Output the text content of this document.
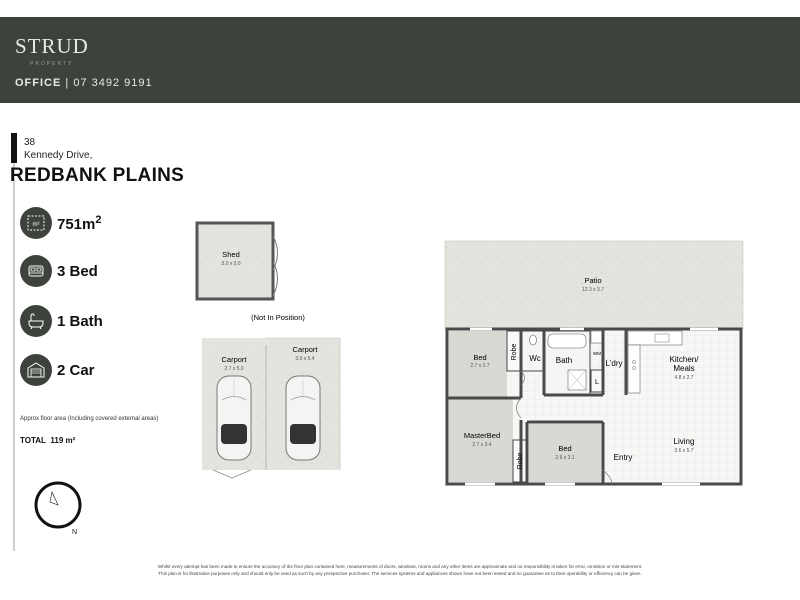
STRUD
PROPERTY
OFFICE | 07 3492 9191
38
Kennedy Drive,
REDBANK PLAINS
m² $751m^2$
3 Bed
1 Bath
2 Car
Approx floor area (Including covered external areas)
TOTAL 119 m²
N
Shed
3.0 x 3.0
(Not In Position)
Carport
2.7 x 5.0
Carport
3.0 x 5.4
Patio
12.3 x 3.7
Bed
2.7 x 2.7
Robe Wc Bath
WM
L'dry
L
Kitchen/
Meals
4.8 x 2.7
MasterBed
2.7 x 3.4
Robe
Bed
2.6 x 3.1	Entry
Living
3.6 x 5.7
Whilst every attempt has been made to ensure the accuracy of the floor plan contained here, measurements of doors, windows, rooms and any other items are approximate and no responsibility is taken for error, omission or mis-statement.
This plan is for illustrative purposes only and should only be used as such by any prospective purchaser. The services systems and appliances shown have not been tested and no guarantee as to their operability or efficiency can be given.
